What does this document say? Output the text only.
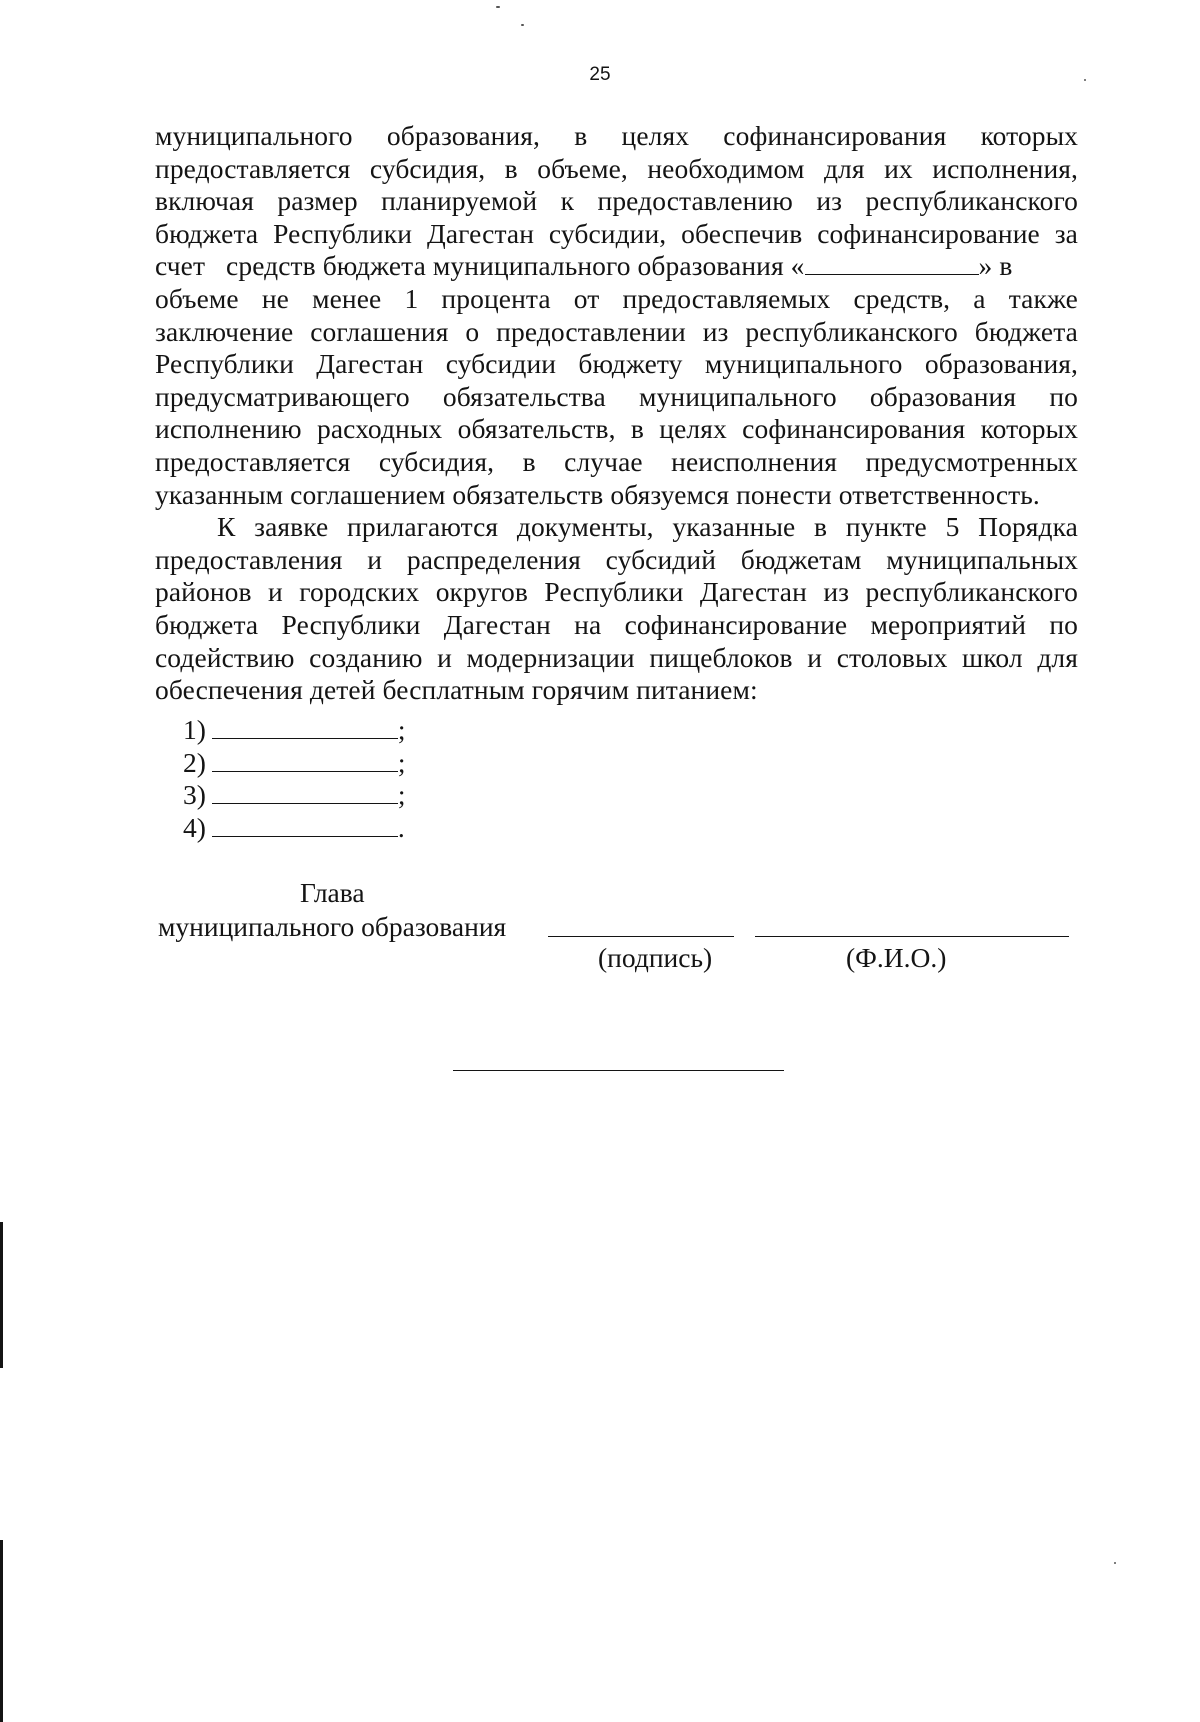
25
муниципального образования, в целях софинансирования которых
предоставляется субсидия, в объеме, необходимом для их исполнения,
включая размер планируемой к предоставлению из республиканского
бюджета Республики Дагестан субсидии, обеспечив софинансирование за
счет   средств бюджета муниципального образования «	» в
объеме не менее 1 процента от предоставляемых средств, а также
заключение соглашения о предоставлении из республиканского бюджета
Республики Дагестан субсидии бюджету муниципального образования,
предусматривающего обязательства муниципального образования по
исполнению расходных обязательств, в целях софинансирования которых
предоставляется субсидия, в случае неисполнения предусмотренных
указанным соглашением обязательств обязуемся понести ответственность.
К заявке прилагаются документы, указанные в пункте 5 Порядка
предоставления и распределения субсидий бюджетам муниципальных
районов и городских округов Республики Дагестан из республиканского
бюджета Республики Дагестан на софинансирование мероприятий по
содействию созданию и модернизации пищеблоков и столовых школ для
обеспечения детей бесплатным горячим питанием:
1)	;
2)	;
3)	;
4)	.
Глава
муниципального образования
(подпись)	(Ф.И.О.)
